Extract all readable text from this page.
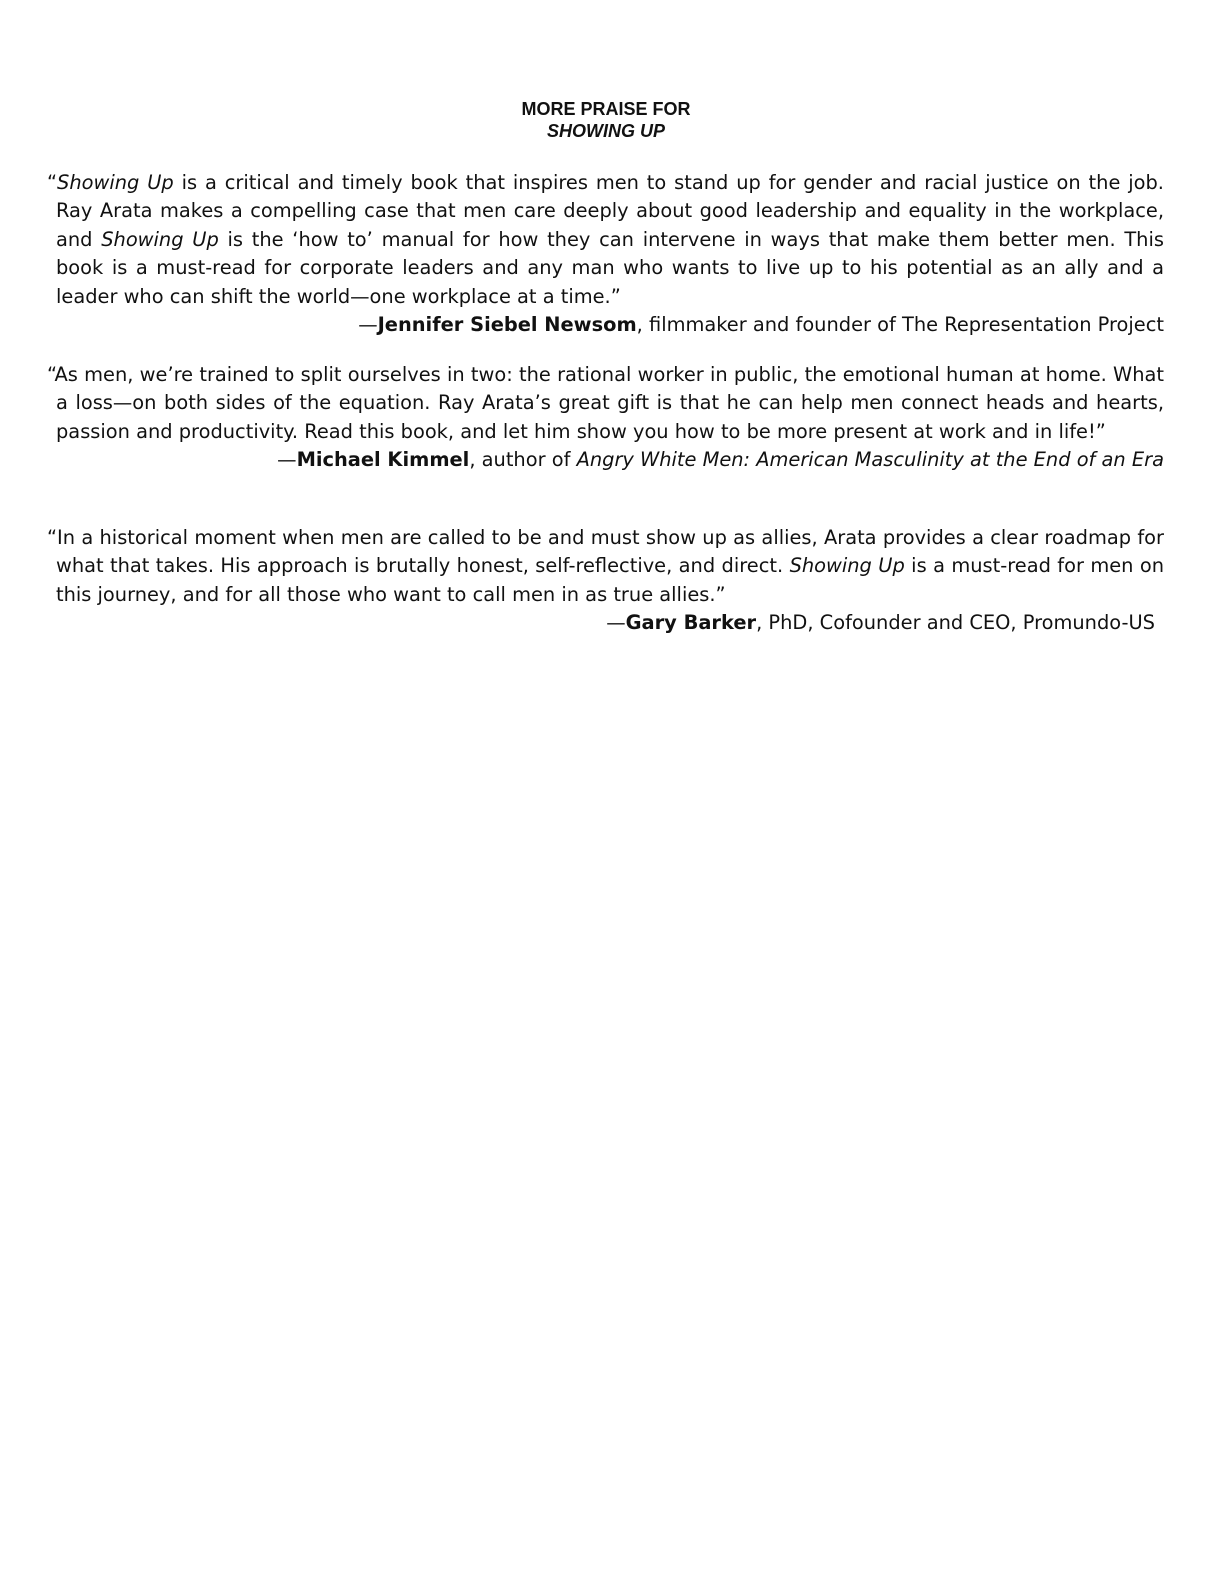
MORE PRAISE FOR
SHOWING UP

“Showing Up is a critical and timely book that inspires men to stand up for gender and racial justice on the job. Ray Arata makes a compelling case that men care deeply about good leadership and equality in the workplace, and Showing Up is the ‘how to’ manual for how they can intervene in ways that make them better men. This book is a must-read for corporate leaders and any man who wants to live up to his potential as an ally and a leader who can shift the world—one workplace at a time.”

—Jennifer Siebel Newsom, filmmaker and founder of The Representation Project

“As men, we’re trained to split ourselves in two: the rational worker in public, the emotional human at home. What a loss—on both sides of the equation. Ray Arata’s great gift is that he can help men connect heads and hearts, passion and productivity. Read this book, and let him show you how to be more present at work and in life!”

—Michael Kimmel, author of Angry White Men: American Masculinity at the End of an Era

“In a historical moment when men are called to be and must show up as allies, Arata provides a clear roadmap for what that takes. His approach is brutally honest, self-reflective, and direct. Showing Up is a must-read for men on this journey, and for all those who want to call men in as true allies.”

—Gary Barker, PhD, Cofounder and CEO, Promundo-US
